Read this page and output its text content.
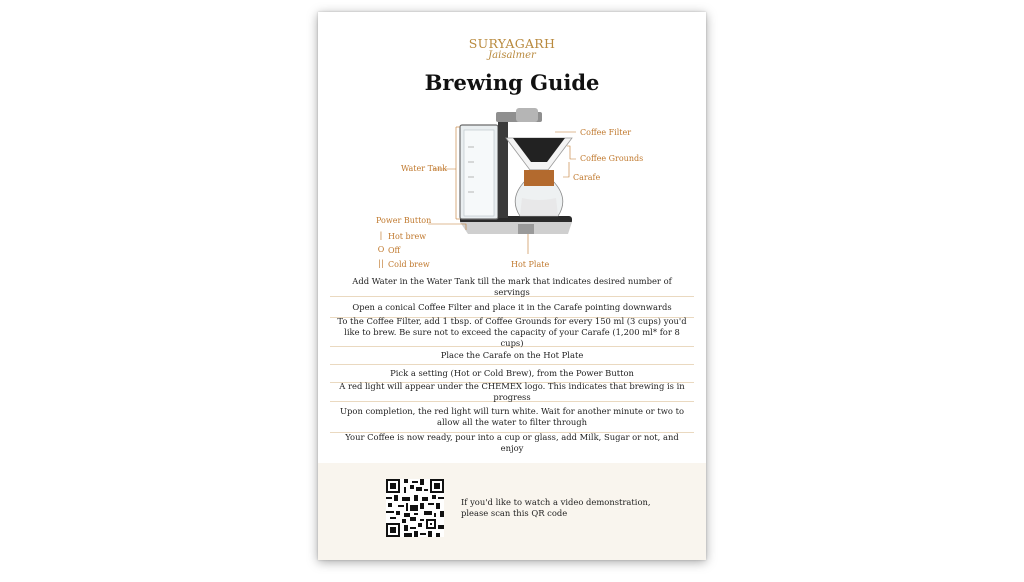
SURYAGARH
Jaisalmer
Brewing Guide
Coffee Filter
Coffee Grounds
Carafe
Water Tank
Power Button
Hot Plate
| Hot brew
O Off
|| Cold brew
Add Water in the Water Tank till the mark that indicates desired number of servings
Open a conical Coffee Filter and place it in the Carafe pointing downwards
To the Coffee Filter, add 1 tbsp. of Coffee Grounds for every 150 ml (3 cups) you'd like to brew. Be sure not to exceed the capacity of your Carafe (1,200 ml* for 8 cups)
Place the Carafe on the Hot Plate
Pick a setting (Hot or Cold Brew), from the Power Button
A red light will appear under the CHEMEX logo. This indicates that brewing is in progress
Upon completion, the red light will turn white. Wait for another minute or two to allow all the water to filter through
Your Coffee is now ready, pour into a cup or glass, add Milk, Sugar or not, and enjoy
If you'd like to watch a video demonstration,
please scan this QR code
